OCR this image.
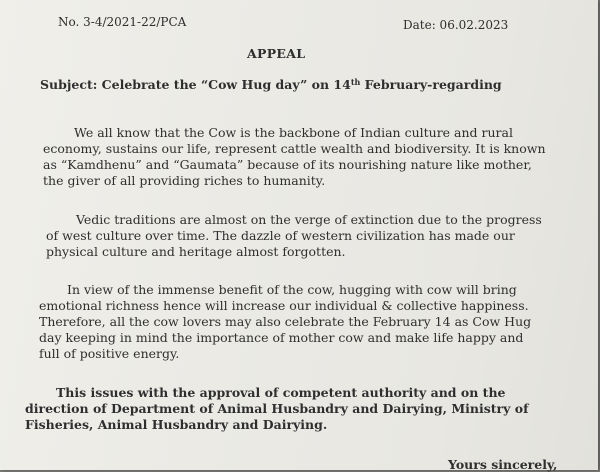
No. 3-4/2021-22/PCA	Date: 06.02.2023
APPEAL
Subject: Celebrate the “Cow Hug day” on 14th February-regarding

We all know that the Cow is the backbone of Indian culture and rural

economy, sustains our life, represent cattle wealth and biodiversity. It is known

as “Kamdhenu” and “Gaumata” because of its nourishing nature like mother,

the giver of all providing riches to humanity.

Vedic traditions are almost on the verge of extinction due to the progress

of west culture over time. The dazzle of western civilization has made our

physical culture and heritage almost forgotten.

In view of the immense benefit of the cow, hugging with cow will bring

emotional richness hence will increase our individual & collective happiness.

Therefore, all the cow lovers may also celebrate the February 14 as Cow Hug

day keeping in mind the importance of mother cow and make life happy and

full of positive energy.

This issues with the approval of competent authority and on the

direction of Department of Animal Husbandry and Dairying, Ministry of

Fisheries, Animal Husbandry and Dairying.

Yours sincerely,
